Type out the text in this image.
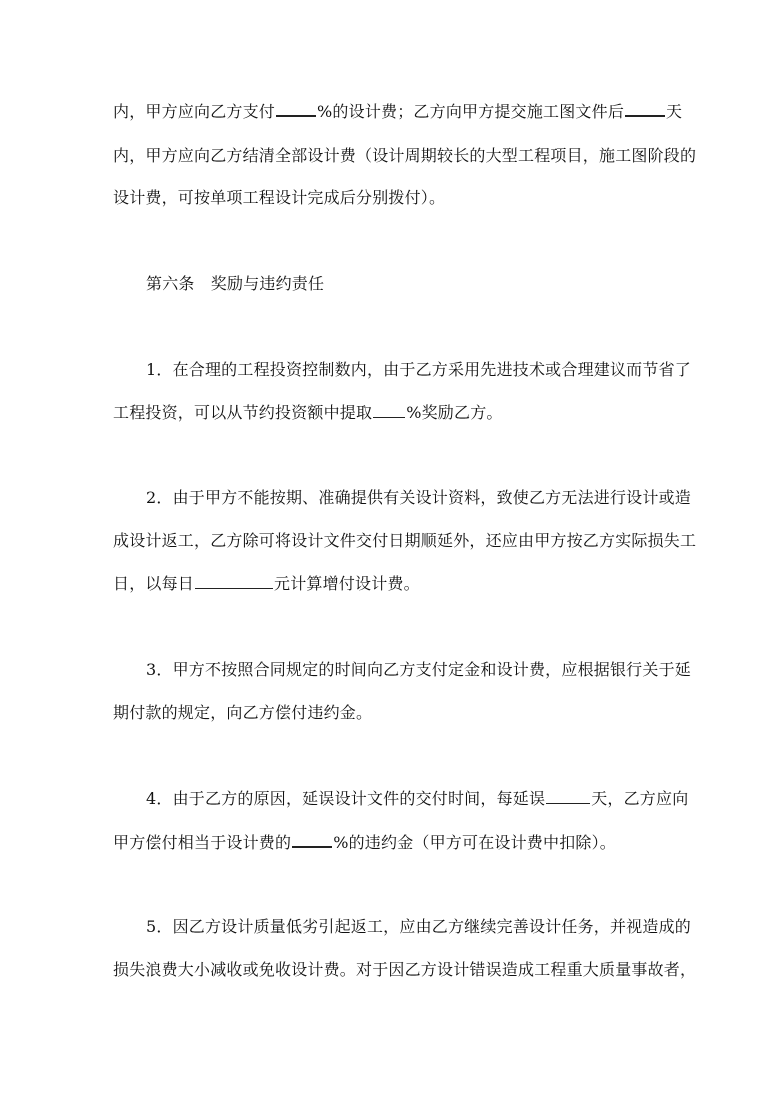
内，甲方应向乙方支付	%的设计费；乙方向甲方提交施工图文件后	天
内，甲方应向乙方结清全部设计费（设计周期较长的大型工程项目，施工图阶段的
设计费，可按单项工程设计完成后分别拨付）。
第六条　奖励与违约责任
1．在合理的工程投资控制数内，由于乙方采用先进技术或合理建议而节省了
工程投资，可以从节约投资额中提取 %奖励乙方。
2．由于甲方不能按期、准确提供有关设计资料，致使乙方无法进行设计或造
成设计返工，乙方除可将设计文件交付日期顺延外，还应由甲方按乙方实际损失工
日，以每日	元计算增付设计费。
3．甲方不按照合同规定的时间向乙方支付定金和设计费，应根据银行关于延
期付款的规定，向乙方偿付违约金。
4．由于乙方的原因，延误设计文件的交付时间，每延误	天，乙方应向
甲方偿付相当于设计费的	%的违约金（甲方可在设计费中扣除）。
5．因乙方设计质量低劣引起返工，应由乙方继续完善设计任务，并视造成的
损失浪费大小减收或免收设计费。对于因乙方设计错误造成工程重大质量事故者，
